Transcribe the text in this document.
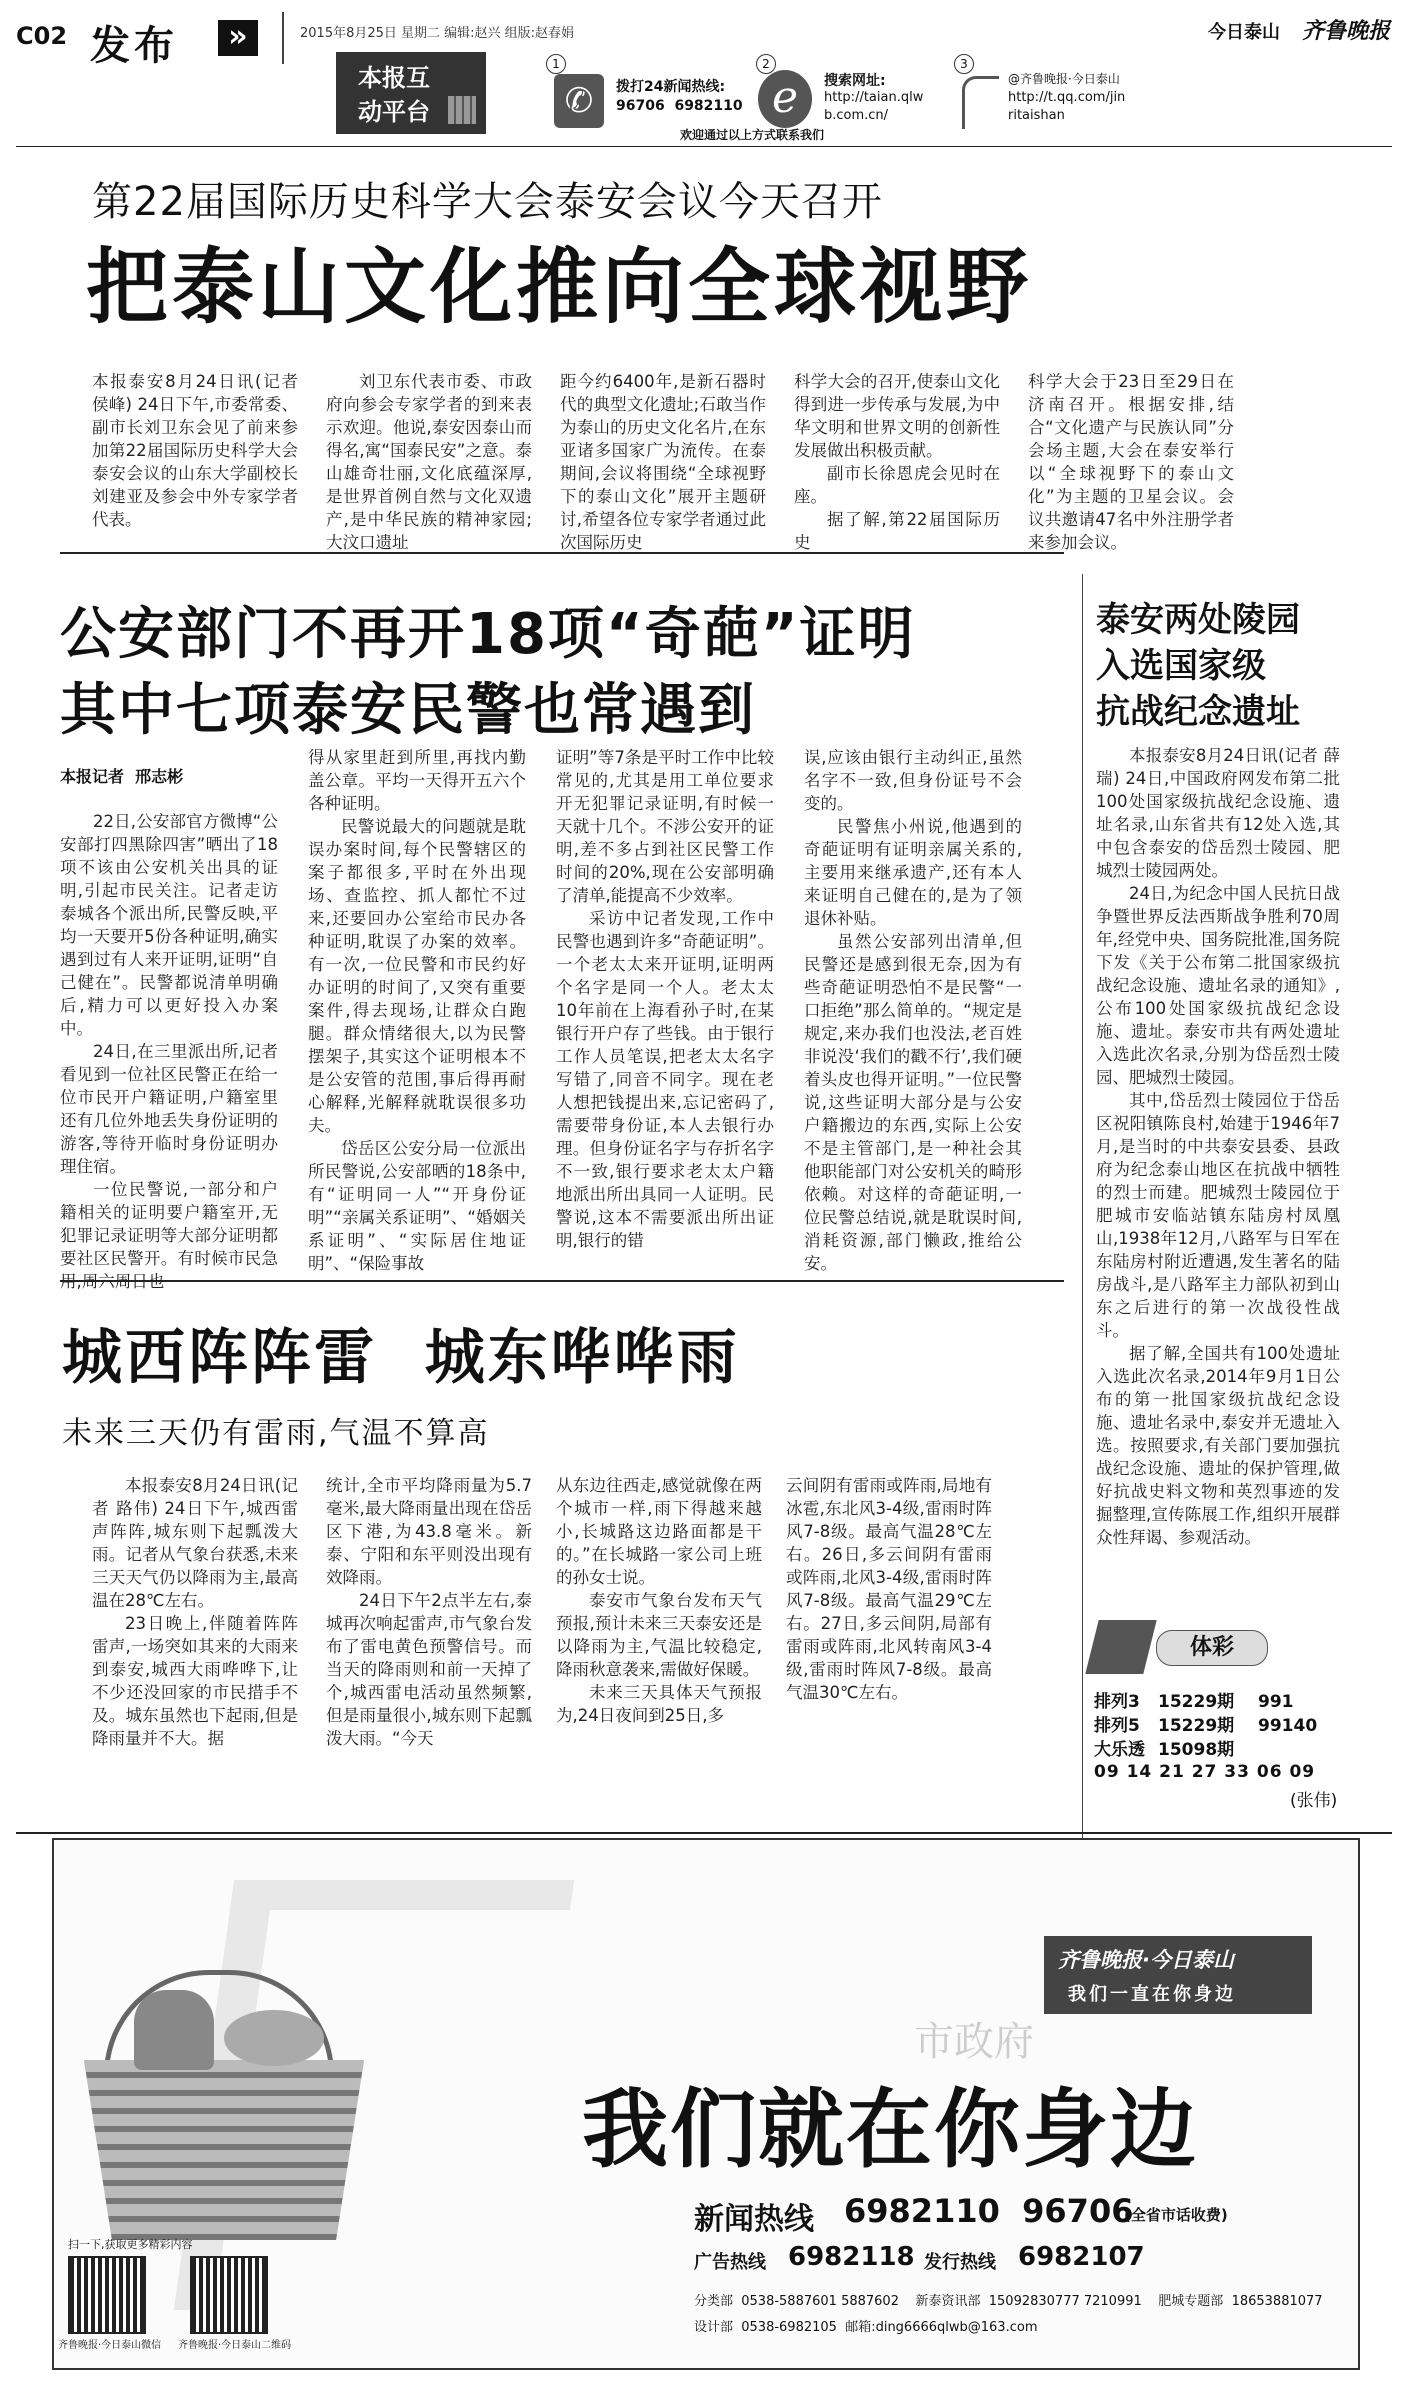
C02 发布	»	2015年8月25日 星期二 编辑:赵兴 组版:赵春娟	今日泰山 齐鲁晚报
本报互
动平台
1
✆	拨打24新闻热线:
96706  6982110
2
e	搜索网址:
http://taian.qlw
b.com.cn/
3
@齐鲁晚报·今日泰山
http://t.qq.com/jin
ritaishan
欢迎通过以上方式联系我们
第22届国际历史科学大会泰安会议今天召开
把泰山文化推向全球视野

本报泰安8月24日讯(记者 侯峰) 24日下午,市委常委、副市长刘卫东会见了前来参加第22届国际历史科学大会泰安会议的山东大学副校长刘建亚及参会中外专家学者代表。

刘卫东代表市委、市政府向参会专家学者的到来表示欢迎。他说,泰安因泰山而得名,寓“国泰民安”之意。泰山雄奇壮丽,文化底蕴深厚,是世界首例自然与文化双遗产,是中华民族的精神家园;大汶口遗址

距今约6400年,是新石器时代的典型文化遗址;石敢当作为泰山的历史文化名片,在东亚诸多国家广为流传。在泰期间,会议将围绕“全球视野下的泰山文化”展开主题研讨,希望各位专家学者通过此次国际历史

科学大会的召开,使泰山文化得到进一步传承与发展,为中华文明和世界文明的创新性发展做出积极贡献。

副市长徐恩虎会见时在座。

据了解,第22届国际历史

科学大会于23日至29日在济南召开。根据安排,结合“文化遗产与民族认同”分会场主题,大会在泰安举行以“全球视野下的泰山文化”为主题的卫星会议。会议共邀请47名中外注册学者来参加会议。

公安部门不再开18项“奇葩”证明
其中七项泰安民警也常遇到
本报记者  邢志彬

22日,公安部官方微博“公安部打四黑除四害”晒出了18项不该由公安机关出具的证明,引起市民关注。记者走访泰城各个派出所,民警反映,平均一天要开5份各种证明,确实遇到过有人来开证明,证明“自己健在”。民警都说清单明确后,精力可以更好投入办案中。

24日,在三里派出所,记者看见到一位社区民警正在给一位市民开户籍证明,户籍室里还有几位外地丢失身份证明的游客,等待开临时身份证明办理住宿。

一位民警说,一部分和户籍相关的证明要户籍室开,无犯罪记录证明等大部分证明都要社区民警开。有时候市民急

得从家里赶到所里,再找内勤盖公章。平均一天得开五六个各种证明。

民警说最大的问题就是耽误办案时间,每个民警辖区的案子都很多,平时在外出现场、查监控、抓人都忙不过来,还要回办公室给市民办各种证明,耽误了办案的效率。有一次,一位民警和市民约好办证明的时间了,又突有重要案件,得去现场,让群众白跑腿。群众情绪很大,以为民警摆架子,其实这个证明根本不是公安管的范围,事后得再耐心解释,光解释就耽误很多功夫。

岱岳区公安分局一位派出所民警说,公安部晒的18条中,有“证明同一人”“开身份证明”“亲属关系证明”、“婚姻关系证明”、“实际居住地证明”、“保险事故

证明”等7条是平时工作中比较常见的,尤其是用工单位要求开无犯罪记录证明,有时候一天就十几个。不涉公安开的证明,差不多占到社区民警工作时间的20%,现在公安部明确了清单,能提高不少效率。

采访中记者发现,工作中民警也遇到许多“奇葩证明”。一个老太太来开证明,证明两个名字是同一个人。老太太10年前在上海看孙子时,在某银行开户存了些钱。由于银行工作人员笔误,把老太太名字写错了,同音不同字。现在老人想把钱提出来,忘记密码了,需要带身份证,本人去银行办理。但身份证名字与存折名字不一致,银行要求老太太户籍地派出所出具同一人证明。民警说,这本不需要派出所出证明,银行的错

误,应该由银行主动纠正,虽然名字不一致,但身份证号不会变的。

民警焦小州说,他遇到的奇葩证明有证明亲属关系的,主要用来继承遗产,还有本人来证明自己健在的,是为了领退休补贴。

虽然公安部列出清单,但民警还是感到很无奈,因为有些奇葩证明恐怕不是民警“一口拒绝”那么简单的。“规定是规定,来办我们也没法,老百姓非说没‘我们的戳不行’,我们硬着头皮也得开证明。”一位民警说,这些证明大部分是与公安户籍搬边的东西,实际上公安不是主管部门,是一种社会其他职能部门对公安机关的畸形依赖。对这样的奇葩证明,一位民警总结说,就是耽误时间,消耗资源,部门懒政,推给公安。

泰安两处陵园
入选国家级
抗战纪念遗址

本报泰安8月24日讯(记者 薛瑞) 24日,中国政府网发布第二批100处国家级抗战纪念设施、遗址名录,山东省共有12处入选,其中包含泰安的岱岳烈士陵园、肥城烈士陵园两处。

24日,为纪念中国人民抗日战争暨世界反法西斯战争胜利70周年,经党中央、国务院批准,国务院下发《关于公布第二批国家级抗战纪念设施、遗址名录的通知》,公布100处国家级抗战纪念设施、遗址。泰安市共有两处遗址入选此次名录,分别为岱岳烈士陵园、肥城烈士陵园。

其中,岱岳烈士陵园位于岱岳区祝阳镇陈良村,始建于1946年7月,是当时的中共泰安县委、县政府为纪念泰山地区在抗战中牺牲的烈士而建。肥城烈士陵园位于肥城市安临站镇东陆房村凤凰山,1938年12月,八路军与日军在东陆房村附近遭遇,发生著名的陆房战斗,是八路军主力部队初到山东之后进行的第一次战役性战斗。

据了解,全国共有100处遗址入选此次名录,2014年9月1日公布的第一批国家级抗战纪念设施、遗址名录中,泰安并无遗址入选。按照要求,有关部门要加强抗战纪念设施、遗址的保护管理,做好抗战史料文物和英烈事迹的发掘整理,宣传陈展工作,组织开展群众性拜谒、参观活动。

体彩
排列3 15229期 991
排列5 15229期 99140
大乐透 15098期
09 14 21 27 33 06 09
(张伟)
城西阵阵雷  城东哗哗雨
未来三天仍有雷雨,气温不算高

本报泰安8月24日讯(记者 路伟) 24日下午,城西雷声阵阵,城东则下起瓢泼大雨。记者从气象台获悉,未来三天天气仍以降雨为主,最高温在28℃左右。

23日晚上,伴随着阵阵雷声,一场突如其来的大雨来到泰安,城西大雨哗哗下,让不少还没回家的市民措手不及。城东虽然也下起雨,但是降雨量并不大。据

统计,全市平均降雨量为5.7毫米,最大降雨量出现在岱岳区下港,为43.8毫米。新泰、宁阳和东平则没出现有效降雨。

24日下午2点半左右,泰城再次响起雷声,市气象台发布了雷电黄色预警信号。而当天的降雨则和前一天掉了个,城西雷电活动虽然频繁,但是雨量很小,城东则下起瓢泼大雨。“今天

从东边往西走,感觉就像在两个城市一样,雨下得越来越小,长城路这边路面都是干的。”在长城路一家公司上班的孙女士说。

泰安市气象台发布天气预报,预计未来三天泰安还是以降雨为主,气温比较稳定,降雨秋意袭来,需做好保暖。

未来三天具体天气预报为,24日夜间到25日,多

云间阴有雷雨或阵雨,局地有冰雹,东北风3-4级,雷雨时阵风7-8级。最高气温28℃左右。26日,多云间阴有雷雨或阵雨,北风3-4级,雷雨时阵风7-8级。最高气温29℃左右。27日,多云间阴,局部有雷雨或阵雨,北风转南风3-4级,雷雨时阵风7-8级。最高气温30℃左右。

市政府
齐鲁晚报·今日泰山
我们一直在你身边
我们就在你身边
新闻热线 6982110  96706
(全省市话收费)
广告热线 6982118 发行热线 6982107
分类部  0538-5887601 5887602    新泰资讯部  15092830777 7210991    肥城专题部  18653881077
设计部  0538-6982105  邮箱:ding6666qlwb@163.com
扫一下,获取更多精彩内容
齐鲁晚报·今日泰山微信 齐鲁晚报·今日泰山二维码
